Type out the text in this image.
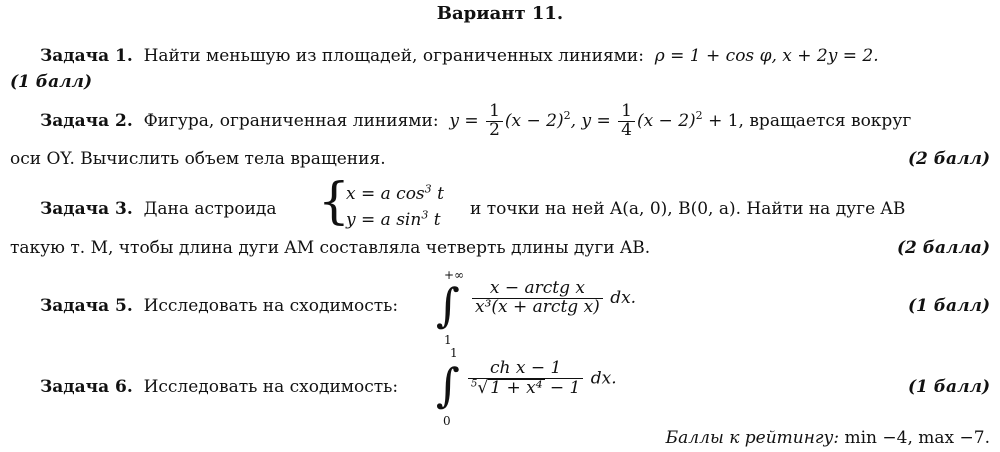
Вариант 11.
Задача 1. Найти меньшую из площадей, ограниченных линиями: ρ = 1 + cos φ, x + 2y = 2.
(1 балл)
Задача 2. Фигура, ограниченная линиями: $y = \frac{1}{2} (x - 2)^2$, $y = \frac{1}{4} (x - 2)^2 + 1$, вращается вокруг
оси OY. Вычислить объем тела вращения.	(2 балл)
Задача 3. Дана астроида {
x = a $\cos^3 t$
y = a $\sin^3 t$
и точки на ней A(a, 0), B(0, a). Найти на дуге AB
такую т. M, чтобы длина дуги AM составляла четверть длины дуги AB.	(2 балла)
Задача 5. Исследовать на сходимость:
+∞
∫
1
$\frac{\text{x − arctg x}}{\text{x³(x + arctg x)}}$ dx.	(1 балл)
Задача 6. Исследовать на сходимость:
1
∫
0
$\frac{\text{ch x − 1}}{^5√ 1 + x^4 - 1}$ dx.	(1 балл)
Баллы к рейтингу: min −4, max −7.
